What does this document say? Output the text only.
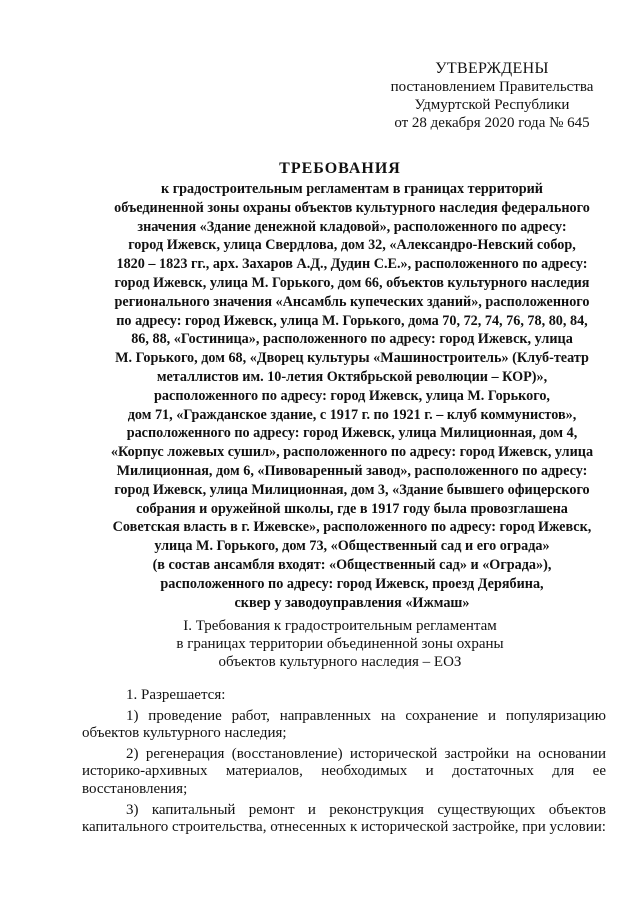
УТВЕРЖДЕНЫ
постановлением Правительства
Удмуртской Республики
от 28 декабря 2020 года № 645
ТРЕБОВАНИЯ
к градостроительным регламентам в границах территорий
объединенной зоны охраны объектов культурного наследия федерального
значения «Здание денежной кладовой», расположенного по адресу:
город Ижевск, улица Свердлова, дом 32, «Александро-Невский собор,
1820 – 1823 гг., арх. Захаров А.Д., Дудин С.Е.», расположенного по адресу:
город Ижевск, улица М. Горького, дом 66, объектов культурного наследия
регионального значения «Ансамбль купеческих зданий», расположенного
по адресу: город Ижевск, улица М. Горького, дома 70, 72, 74, 76, 78, 80, 84,
86, 88, «Гостиница», расположенного по адресу: город Ижевск, улица
М. Горького, дом 68, «Дворец культуры «Машиностроитель» (Клуб-театр
металлистов им. 10-летия Октябрьской революции – КОР)»,
расположенного по адресу: город Ижевск, улица М. Горького,
дом 71, «Гражданское здание, с 1917 г. по 1921 г. – клуб коммунистов»,
расположенного по адресу: город Ижевск, улица Милиционная, дом 4,
«Корпус ложевых сушил», расположенного по адресу: город Ижевск, улица
Милиционная, дом 6, «Пивоваренный завод», расположенного по адресу:
город Ижевск, улица Милиционная, дом 3, «Здание бывшего офицерского
собрания и оружейной школы, где в 1917 году была провозглашена
Советская власть в г. Ижевске», расположенного по адресу: город Ижевск,
улица М. Горького, дом 73, «Общественный сад и его ограда»
(в состав ансамбля входят: «Общественный сад» и «Ограда»),
расположенного по адресу: город Ижевск, проезд Дерябина,
сквер у заводоуправления «Ижмаш»
I. Требования к градостроительным регламентам
в границах территории объединенной зоны охраны
объектов культурного наследия – ЕОЗ

1. Разрешается:

1) проведение работ, направленных на сохранение и популяризацию объектов культурного наследия;

2) регенерация (восстановление) исторической застройки на основании историко-архивных материалов, необходимых и достаточных для ее восстановления;

3) капитальный ремонт и реконструкция существующих объектов капитального строительства, отнесенных к исторической застройке, при условии:
